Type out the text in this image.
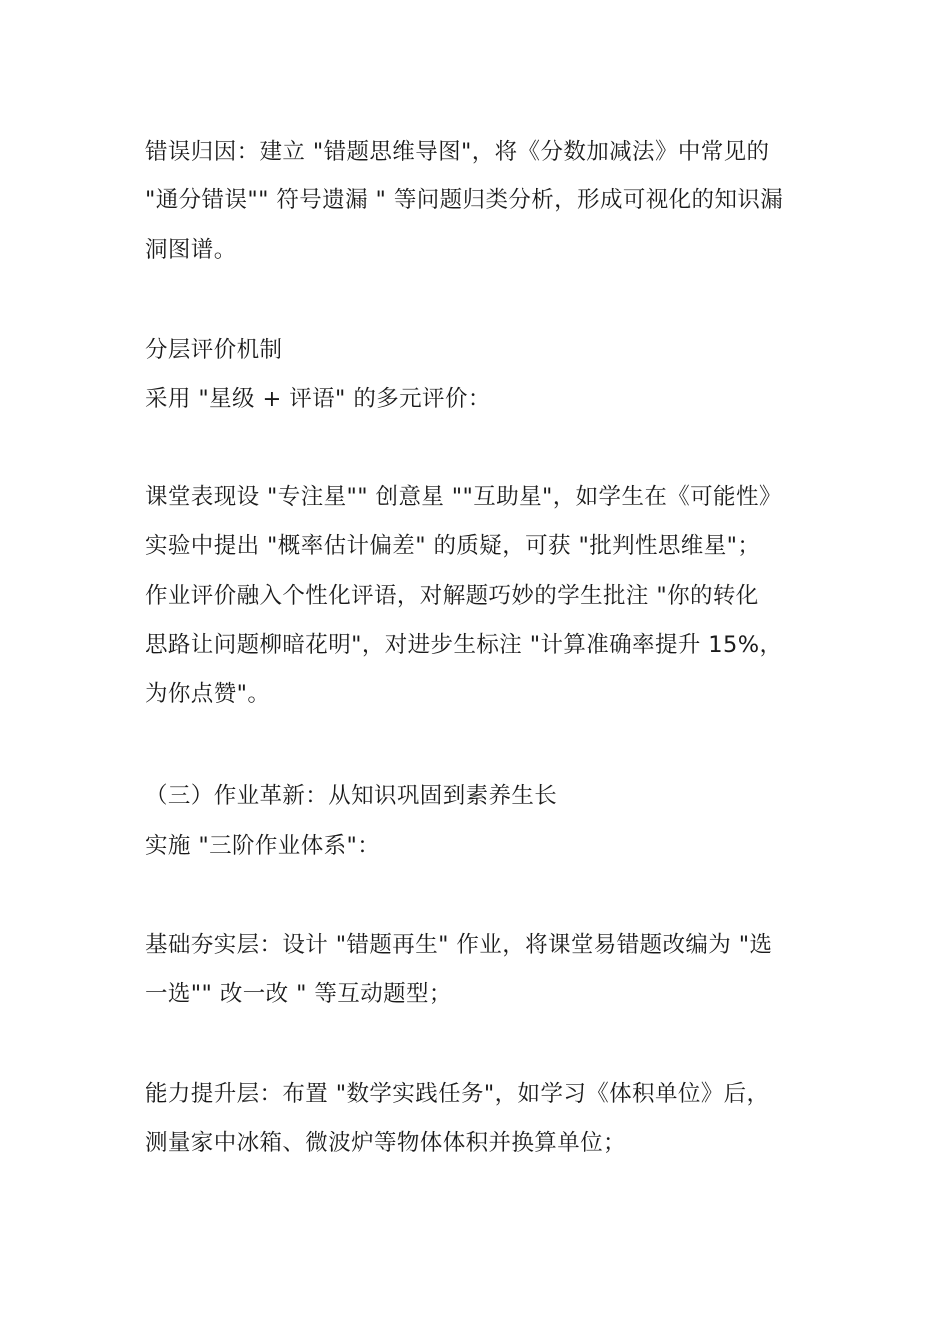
错误归因：建立 "错题思维导图"，将《分数加减法》中常见的
"通分错误"" 符号遗漏 " 等问题归类分析，形成可视化的知识漏
洞图谱。
分层评价机制
采用 "星级 + 评语" 的多元评价：
课堂表现设 "专注星"" 创意星 ""互助星"，如学生在《可能性》
实验中提出 "概率估计偏差" 的质疑，可获 "批判性思维星"；
作业评价融入个性化评语，对解题巧妙的学生批注 "你的转化
思路让问题柳暗花明"，对进步生标注 "计算准确率提升 15%，
为你点赞"。
（三）作业革新：从知识巩固到素养生长
实施 "三阶作业体系"：
基础夯实层：设计 "错题再生" 作业，将课堂易错题改编为 "选
一选"" 改一改 " 等互动题型；
能力提升层：布置 "数学实践任务"，如学习《体积单位》后，
测量家中冰箱、微波炉等物体体积并换算单位；
